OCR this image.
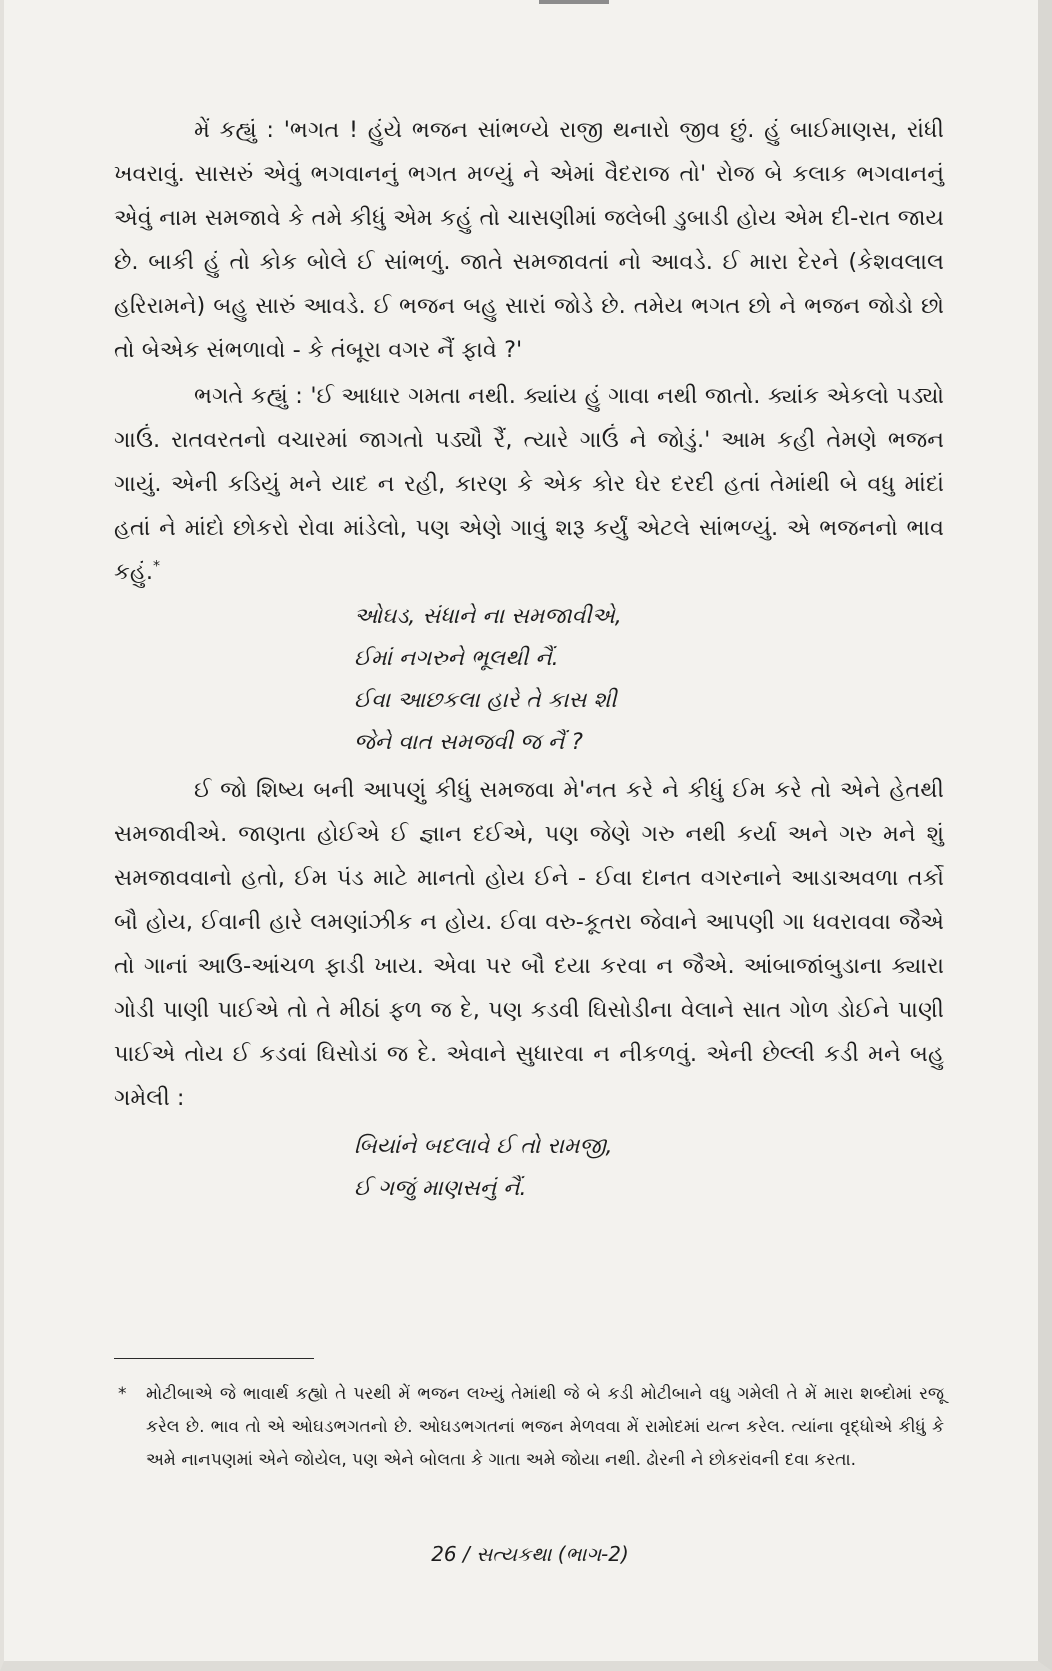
મેં કહ્યું : 'ભગત ! હુંયે ભજન સાંભળ્યે રાજી થનારો જીવ છું. હું બાઈમાણસ, રાંધી ખવરાવું. સાસરું એવું ભગવાનનું ભગત મળ્યું ને એમાં વૈદરાજ તો' રોજ બે કલાક ભગવાનનું એવું નામ સમજાવે કે તમે કીધું એમ કહું તો ચાસણીમાં જલેબી ડુબાડી હોય એમ દી-રાત જાય છે. બાકી હું તો કોક બોલે ઈ સાંભળું. જાતે સમજાવતાં નો આવડે. ઈ મારા દેરને (કેશવલાલ હરિરામને) બહુ સારું આવડે. ઈ ભજન બહુ સારાં જોડે છે. તમેય ભગત છો ને ભજન જોડો છો તો બેએક સંભળાવો - કે તંબૂરા વગર નૈં ફાવે ?'

ભગતે કહ્યું : 'ઈ આધાર ગમતા નથી. ક્યાંય હું ગાવા નથી જાતો. ક્યાંક એકલો પડ્યો ગાઉં. રાતવરતનો વચારમાં જાગતો પડ્યૌ રૈં, ત્યારે ગાઉં ને જોડું.' આમ કહી તેમણે ભજન ગાયું. એની કડિયું મને યાદ ન રહી, કારણ કે એક કોર ઘેર દરદી હતાં તેમાંથી બે વધુ માંદાં હતાં ને માંદો છોકરો રોવા માંડેલો, પણ એણે ગાવું શરૂ કર્યું એટલે સાંભળ્યું. એ ભજનનો ભાવ કહું.*

ઓઘડ, સંધાને ના સમજાવીએ,
ઈમાં નગરુને ભૂલથી નૈં.
ઈવા આછકલા હારે તે કાસ શી
જેને વાત સમજવી જ નૈં ?

ઈ જો શિષ્ય બની આપણું કીધું સમજવા મે'નત કરે ને કીધું ઈમ કરે તો એને હેતથી સમજાવીએ. જાણતા હોઈએ ઈ જ્ઞાન દઈએ, પણ જેણે ગરુ નથી કર્યા અને ગરુ મને શું સમજાવવાનો હતો, ઈમ પંડ માટે માનતો હોય ઈને - ઈવા દાનત વગરનાને આડાઅવળા તર્કો બૌ હોય, ઈવાની હારે લમણાંઝીક ન હોય. ઈવા વરુ-કૂતરા જેવાને આપણી ગા ધવરાવવા જૈએ તો ગાનાં આઉ-આંચળ ફાડી ખાય. એવા પર બૌ દયા કરવા ન જૈએ. આંબાજાંબુડાના ક્યારા ગોડી પાણી પાઈએ તો તે મીઠાં ફળ જ દે, પણ કડવી ઘિસોડીના વેલાને સાત ગોળ ડોઈને પાણી પાઈએ તોય ઈ કડવાં ઘિસોડાં જ દે. એવાને સુધારવા ન નીકળવું. એની છેલ્લી કડી મને બહુ ગમેલી :

બિયાંને બદલાવે ઈ તો રામજી,
ઈ ગજું માણસનું નૈં.
* મોટીબાએ જે ભાવાર્થ કહ્યો તે પરથી મેં ભજન લખ્યું તેમાંથી જે બે કડી મોટીબાને વધુ ગમેલી તે મેં મારા શબ્દોમાં રજૂ કરેલ છે. ભાવ તો એ ઓઘડભગતનો છે. ઓઘડભગતનાં ભજન મેળવવા મેં રામોદમાં યત્ન કરેલ. ત્યાંના વૃદ્ધોએ કીધું કે અમે નાનપણમાં એને જોયેલ, પણ એને બોલતા કે ગાતા અમે જોયા નથી. ઢોરની ને છોકરાંવની દવા કરતા.
26 / સત્યકથા (ભાગ-2)
